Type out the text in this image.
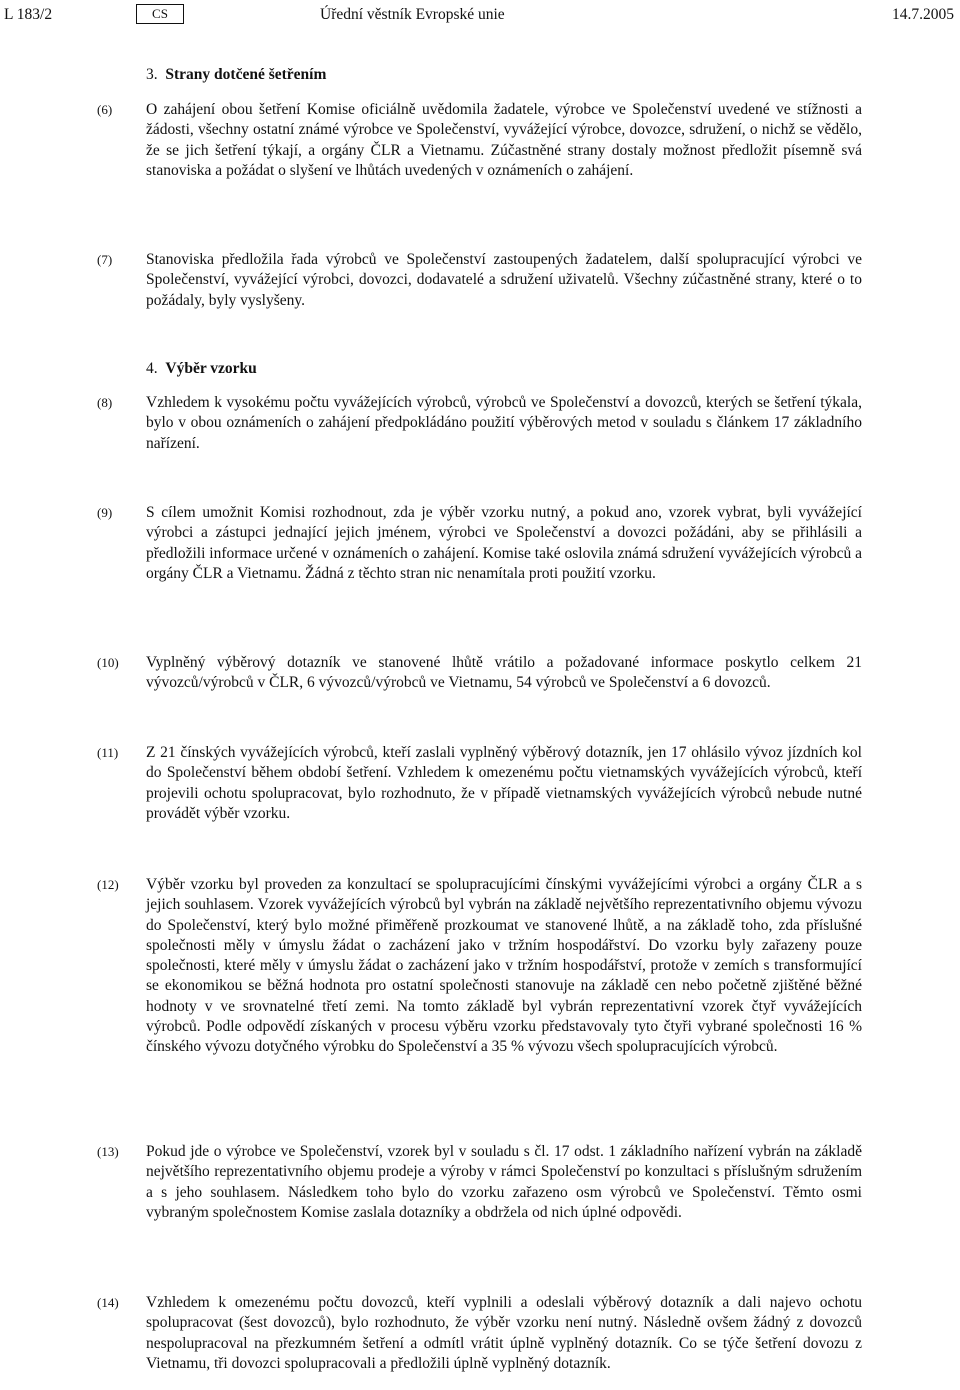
L 183/2	CS	Úřední věstník Evropské unie	14.7.2005
3. Strany dotčené šetřením
(6) O zahájení obou šetření Komise oficiálně uvědomila žadatele, výrobce ve Společenství uvedené ve stížnosti a žádosti, všechny ostatní známé výrobce ve Společenství, vyvážející výrobce, dovozce, sdružení, o nichž se vědělo, že se jich šetření týkají, a orgány ČLR a Vietnamu. Zúčastněné strany dostaly možnost předložit písemně svá stanoviska a požádat o slyšení ve lhůtách uvedených v oznámeních o zahájení.
(7) Stanoviska předložila řada výrobců ve Společenství zastoupených žadatelem, další spolupracující výrobci ve Společenství, vyvážející výrobci, dovozci, dodavatelé a sdružení uživatelů. Všechny zúčastněné strany, které o to požádaly, byly vyslyšeny.
4. Výběr vzorku
(8) Vzhledem k vysokému počtu vyvážejících výrobců, výrobců ve Společenství a dovozců, kterých se šetření týkala, bylo v obou oznámeních o zahájení předpokládáno použití výběrových metod v souladu s článkem 17 základního nařízení.
(9) S cílem umožnit Komisi rozhodnout, zda je výběr vzorku nutný, a pokud ano, vzorek vybrat, byli vyvážející výrobci a zástupci jednající jejich jménem, výrobci ve Společenství a dovozci požádáni, aby se přihlásili a předložili informace určené v oznámeních o zahájení. Komise také oslovila známá sdružení vyvážejících výrobců a orgány ČLR a Vietnamu. Žádná z těchto stran nic nenamítala proti použití vzorku.
(10) Vyplněný výběrový dotazník ve stanovené lhůtě vrátilo a požadované informace poskytlo celkem 21 vývozců/výrobců v ČLR, 6 vývozců/výrobců ve Vietnamu, 54 výrobců ve Společenství a 6 dovozců.
(11) Z 21 čínských vyvážejících výrobců, kteří zaslali vyplněný výběrový dotazník, jen 17 ohlásilo vývoz jízdních kol do Společenství během období šetření. Vzhledem k omezenému počtu vietnamských vyvážejících výrobců, kteří projevili ochotu spolupracovat, bylo rozhodnuto, že v případě vietnamských vyvážejících výrobců nebude nutné provádět výběr vzorku.
(12) Výběr vzorku byl proveden za konzultací se spolupracujícími čínskými vyvážejícími výrobci a orgány ČLR a s jejich souhlasem. Vzorek vyvážejících výrobců byl vybrán na základě největšího reprezentativního objemu vývozu do Společenství, který bylo možné přiměřeně prozkoumat ve stanovené lhůtě, a na základě toho, zda příslušné společnosti měly v úmyslu žádat o zacházení jako v tržním hospodářství. Do vzorku byly zařazeny pouze společnosti, které měly v úmyslu žádat o zacházení jako v tržním hospodářství, protože v zemích s transformující se ekonomikou se běžná hodnota pro ostatní společnosti stanovuje na základě cen nebo početně zjištěné běžné hodnoty v ve srovnatelné třetí zemi. Na tomto základě byl vybrán reprezentativní vzorek čtyř vyvážejících výrobců. Podle odpovědí získaných v procesu výběru vzorku představovaly tyto čtyři vybrané společnosti 16 % čínského vývozu dotyčného výrobku do Společenství a 35 % vývozu všech spolupracujících výrobců.
(13) Pokud jde o výrobce ve Společenství, vzorek byl v souladu s čl. 17 odst. 1 základního nařízení vybrán na základě největšího reprezentativního objemu prodeje a výroby v rámci Společenství po konzultaci s příslušným sdružením a s jeho souhlasem. Následkem toho bylo do vzorku zařazeno osm výrobců ve Společenství. Těmto osmi vybraným společnostem Komise zaslala dotazníky a obdržela od nich úplné odpovědi.
(14) Vzhledem k omezenému počtu dovozců, kteří vyplnili a odeslali výběrový dotazník a dali najevo ochotu spolupracovat (šest dovozců), bylo rozhodnuto, že výběr vzorku není nutný. Následně ovšem žádný z dovozců nespolupracoval na přezkumném šetření a odmítl vrátit úplně vyplněný dotazník. Co se týče šetření dovozu z Vietnamu, tři dovozci spolupracovali a předložili úplně vyplněný dotazník.
